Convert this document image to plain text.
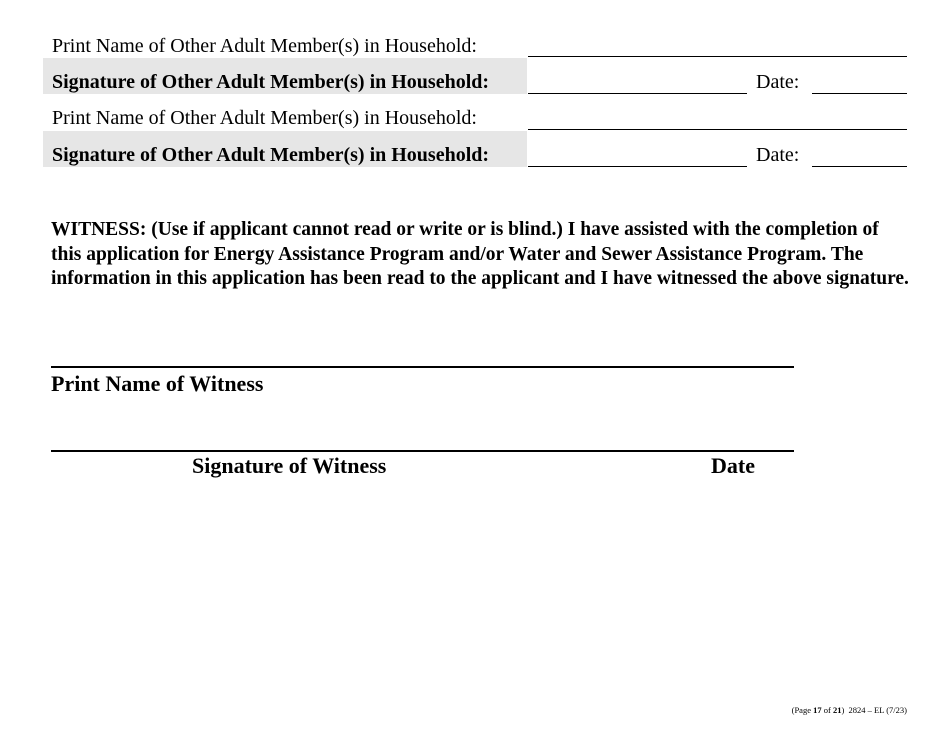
Print Name of Other Adult Member(s) in Household:
Signature of Other Adult Member(s) in Household:	Date:
Print Name of Other Adult Member(s) in Household:
Signature of Other Adult Member(s) in Household:	Date:
WITNESS: (Use if applicant cannot read or write or is blind.) I have assisted with the completion of this application for Energy Assistance Program and/or Water and Sewer Assistance Program. The information in this application has been read to the applicant and I have witnessed the above signature.
Print Name of Witness
Signature of Witness	Date
(Page 17 of 21) 2824 – EL (7/23)
